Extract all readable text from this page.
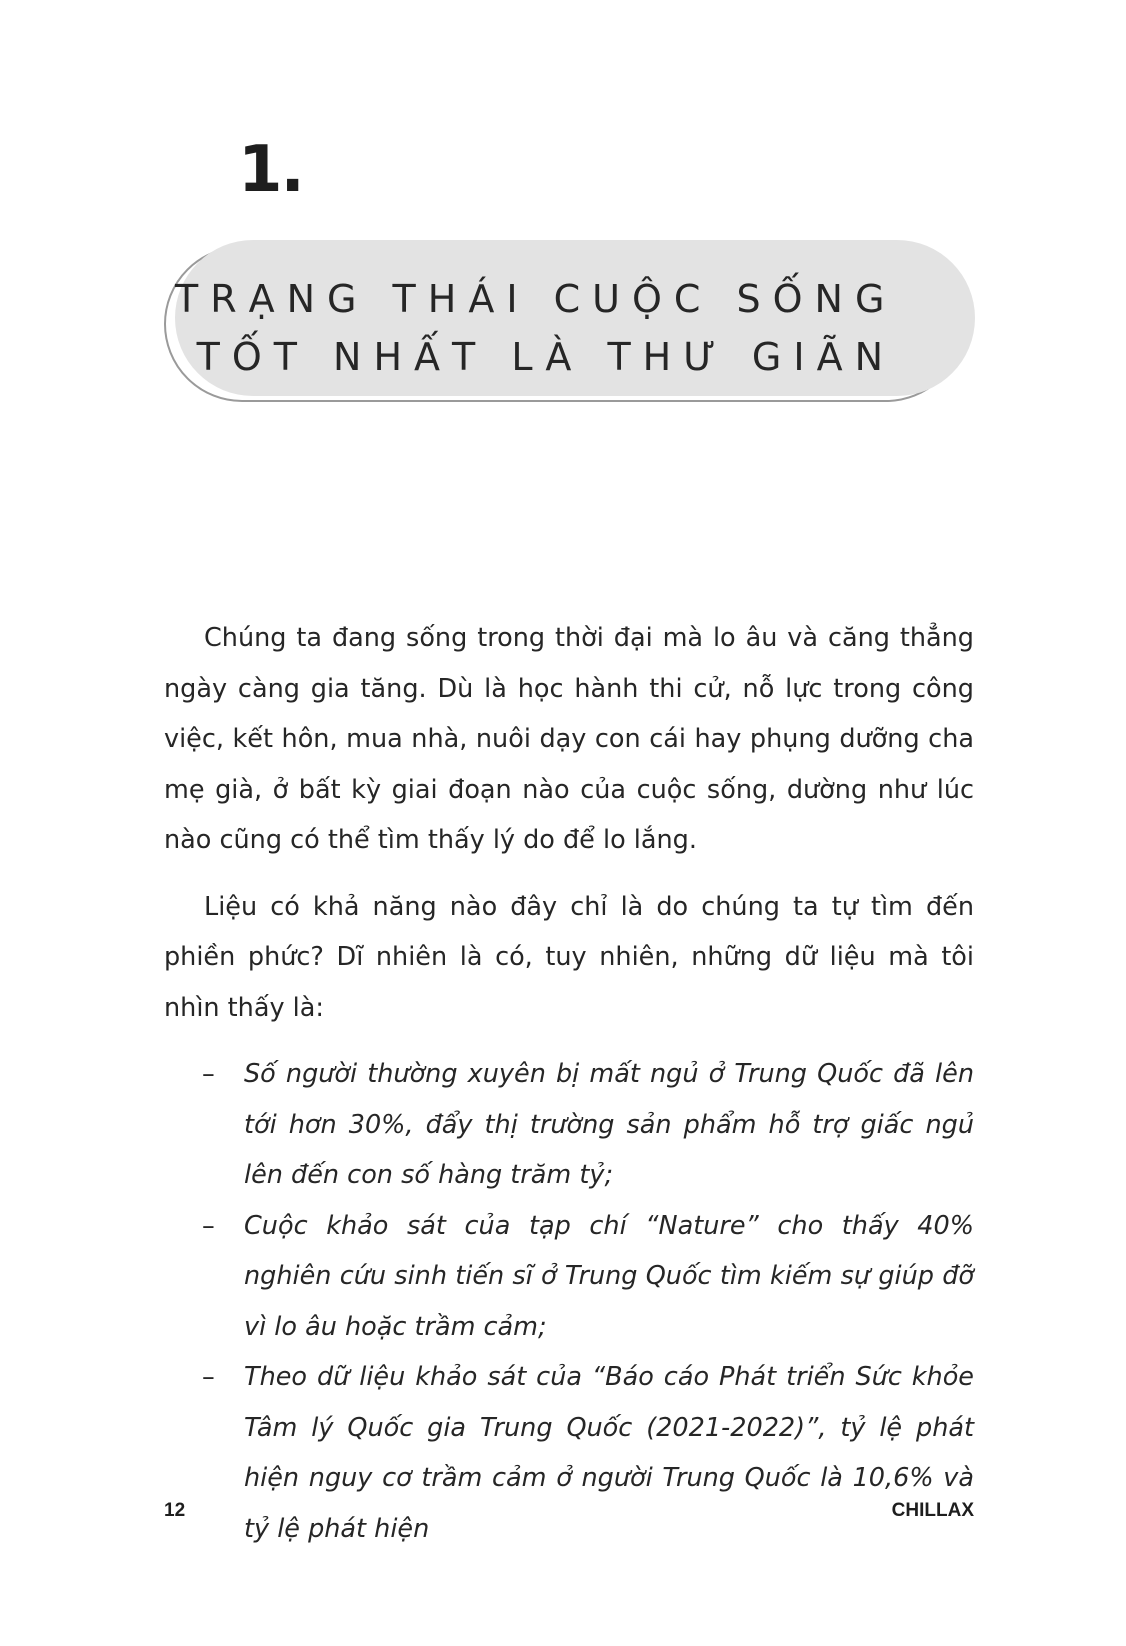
1.
TRẠNG THÁI CUỘC SỐNG
TỐT NHẤT LÀ THƯ GIÃN

Chúng ta đang sống trong thời đại mà lo âu và căng thẳng ngày càng gia tăng. Dù là học hành thi cử, nỗ lực trong công việc, kết hôn, mua nhà, nuôi dạy con cái hay phụng dưỡng cha mẹ già, ở bất kỳ giai đoạn nào của cuộc sống, dường như lúc nào cũng có thể tìm thấy lý do để lo lắng.

Liệu có khả năng nào đây chỉ là do chúng ta tự tìm đến phiền phức? Dĩ nhiên là có, tuy nhiên, những dữ liệu mà tôi nhìn thấy là:

– Số người thường xuyên bị mất ngủ ở Trung Quốc đã lên tới hơn 30%, đẩy thị trường sản phẩm hỗ trợ giấc ngủ lên đến con số hàng trăm tỷ;
– Cuộc khảo sát của tạp chí “Nature” cho thấy 40% nghiên cứu sinh tiến sĩ ở Trung Quốc tìm kiếm sự giúp đỡ vì lo âu hoặc trầm cảm;
– Theo dữ liệu khảo sát của “Báo cáo Phát triển Sức khỏe Tâm lý Quốc gia Trung Quốc (2021-2022)”, tỷ lệ phát hiện nguy cơ trầm cảm ở người Trung Quốc là 10,6% và tỷ lệ phát hiện
12	CHILLAX
